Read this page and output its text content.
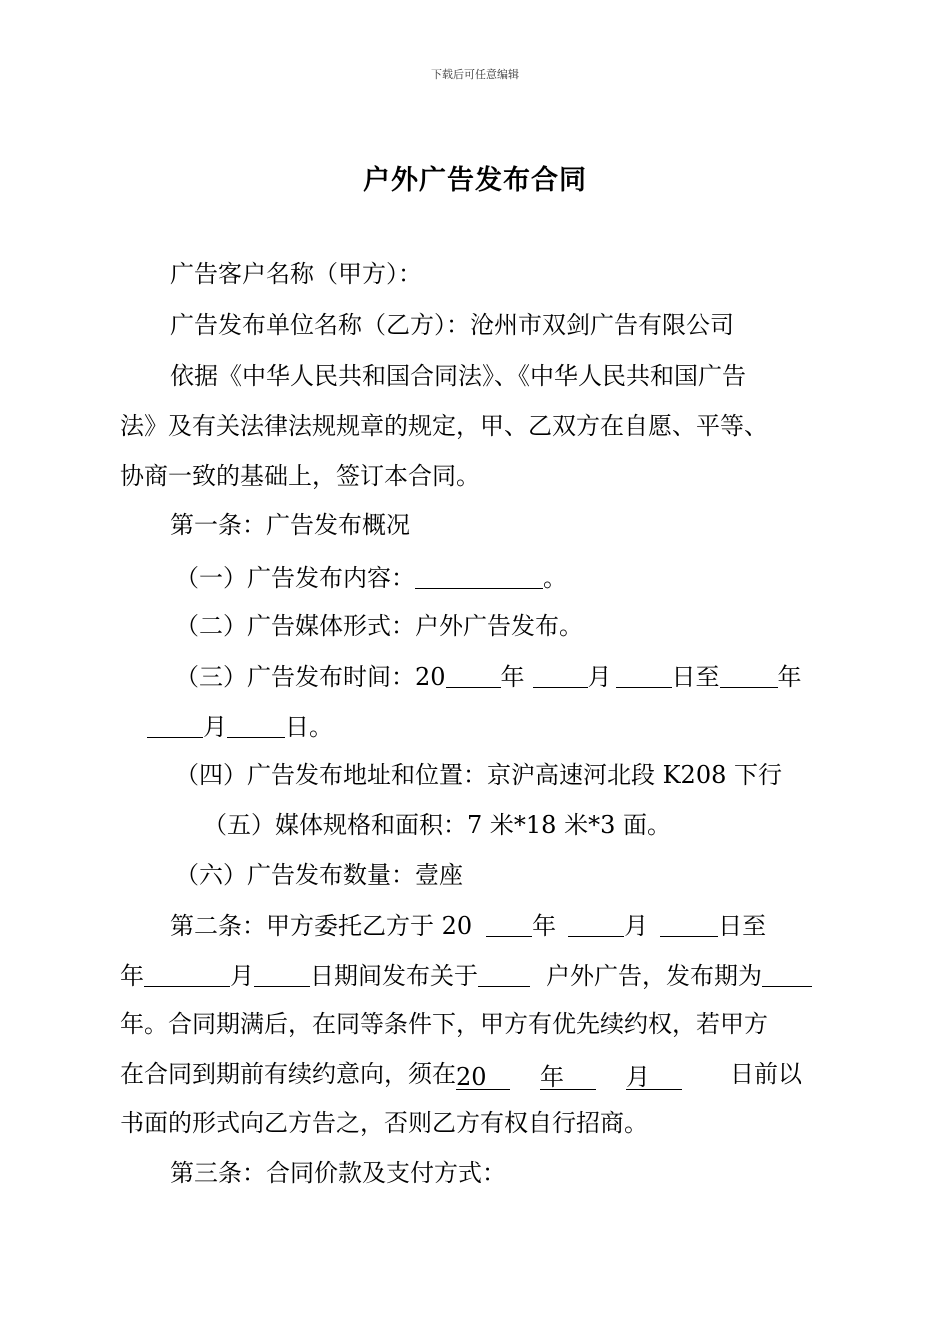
下载后可任意编辑
户外广告发布合同
广告客户名称（甲方）：
广告发布单位名称（乙方）：沧州市双剑广告有限公司
依据《中华人民共和国合同法》、《中华人民共和国广告
法》及有关法律法规规章的规定，甲、乙双方在自愿、平等、
协商一致的基础上，签订本合同。
第一条：广告发布概况
（一）广告发布内容：	。
（二）广告媒体形式：户外广告发布。
（三）广告发布时间：20 年	月	日至 年
月 日。
（四）广告发布地址和位置：京沪高速河北段 K208 下行
（五）媒体规格和面积：7 米*18 米*3 面。
（六）广告发布数量：壹座
第二条：甲方委托乙方于 20	年	月	日至
年	月 日期间发布关于	户外广告，发布期为
年。合同期满后，在同等条件下，甲方有优先续约权，若甲方
在合同到期前有续约意向，须在20 年	月	日前以
书面的形式向乙方告之，否则乙方有权自行招商。
第三条：合同价款及支付方式：
